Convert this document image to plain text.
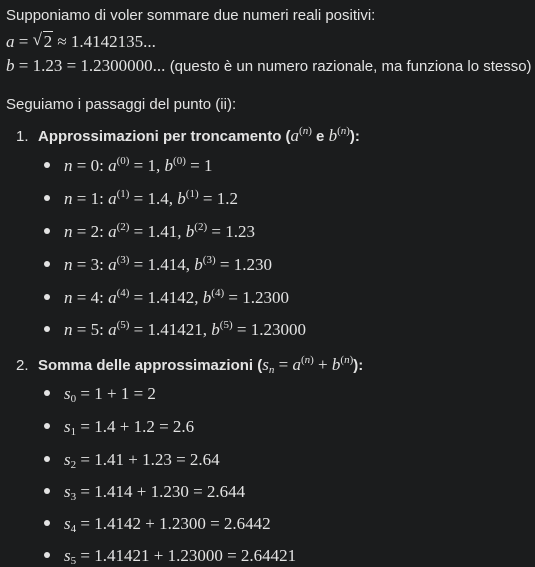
Supponiamo di voler sommare due numeri reali positivi:
a = √ 2 ≈ 1.4142135...
b = 1.23 = 1.2300000... (questo è un numero razionale, ma funziona lo stesso)
Seguiamo i passaggi del punto (ii):
1. Approssimazioni per troncamento ($a^{(n)}$ e $b^{(n)}$):
n = 0: $a^{(0)} = 1$, $b^{(0)} = 1$
n = 1: $a^{(1)} = 1.4$, $b^{(1)} = 1.2$
n = 2: $a^{(2)} = 1.41$, $b^{(2)} = 1.23$
n = 3: $a^{(3)} = 1.414$, $b^{(3)} = 1.230$
n = 4: $a^{(4)} = 1.4142$, $b^{(4)} = 1.2300$
n = 5: $a^{(5)} = 1.41421$, $b^{(5)} = 1.23000$
2. Somma delle approssimazioni $(s_n = a^{(n)} + b^{(n)})$:
$s_0 = 1 + 1 = 2$
$s_1 = 1.4 + 1.2 = 2.6$
$s_2 = 1.41 + 1.23 = 2.64$
$s_3 = 1.414 + 1.230 = 2.644$
$s_4 = 1.4142 + 1.2300 = 2.6442$
$s_5 = 1.41421 + 1.23000 = 2.64421$
